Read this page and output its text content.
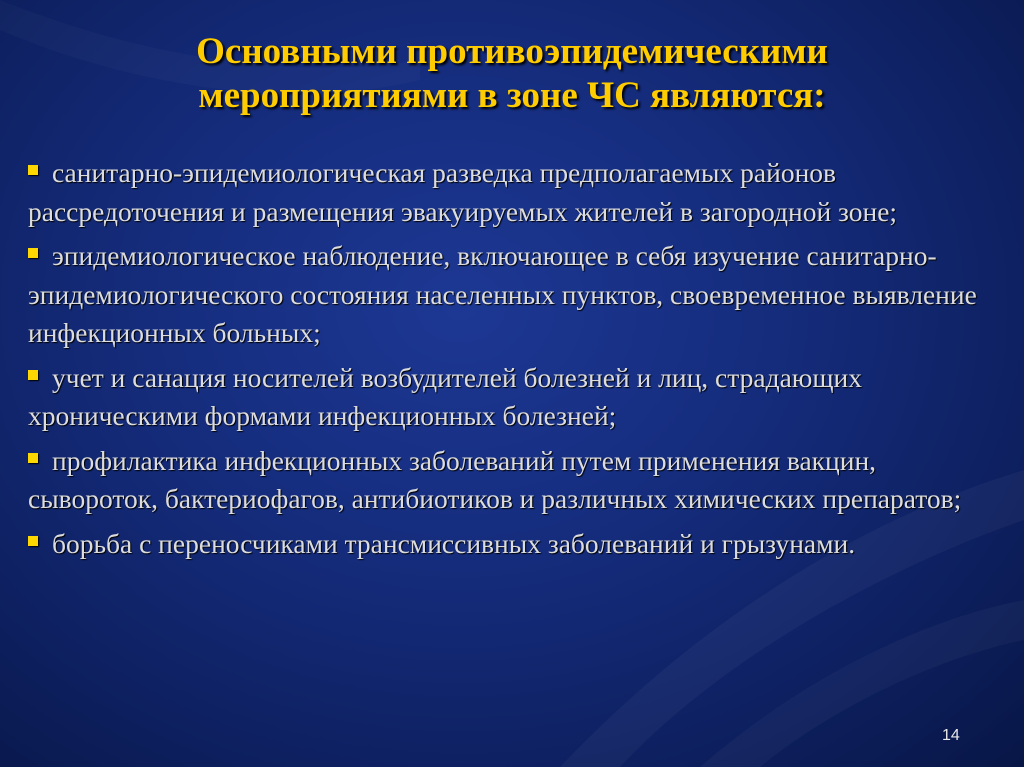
Основными противоэпидемическими
мероприятиями в зоне ЧС являются:
санитарно-эпидемиологическая разведка предполагаемых районов рассредоточения и размещения эвакуируемых жителей в загородной зоне;
эпидемиологическое наблюдение, включающее в себя изучение санитарно-эпидемиологического состояния населенных пунктов, своевременное выявление инфекционных больных;
учет и санация носителей возбудителей болезней и лиц, страдающих хроническими формами инфекционных болезней;
профилактика инфекционных заболеваний путем применения вакцин, сывороток, бактериофагов, антибиотиков и различных химических препаратов;
борьба с переносчиками трансмиссивных заболеваний и грызунами.
14
